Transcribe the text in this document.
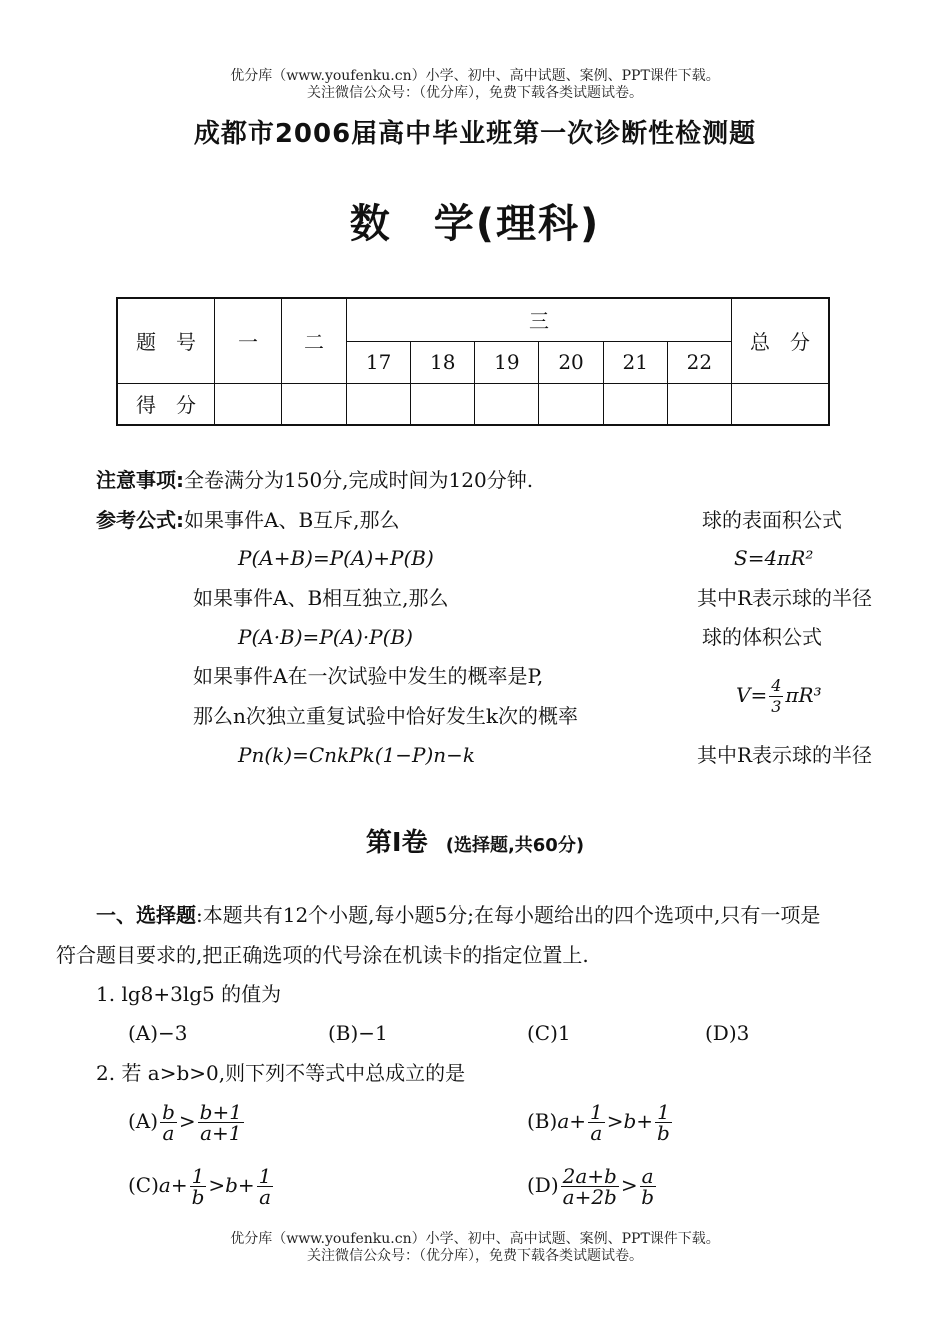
优分库（www.youfenku.cn）小学、初中、高中试题、案例、PPT课件下载。
关注微信公众号：（优分库），免费下载各类试题试卷。
成都市2006届高中毕业班第一次诊断性检测题
数　学(理科)
题　号	一	二	三						总　分
			17	18	19	20	21	22	
得　分									
注意事项:全卷满分为150分,完成时间为120分钟.
参考公式:如果事件A、B互斥,那么
P(A+B)=P(A)+P(B)
如果事件A、B相互独立,那么
P(A·B)=P(A)·P(B)
如果事件A在一次试验中发生的概率是P,
那么n次独立重复试验中恰好发生k次的概率
Pn(k)=CnkPk(1−P)n−k
球的表面积公式
S=4πR²
其中R表示球的半径
球的体积公式
$V= \frac{4}{3} \pi R^3$
其中R表示球的半径
第Ⅰ卷 (选择题,共60分)
一、选择题:本题共有12个小题,每小题5分;在每小题给出的四个选项中,只有一项是
符合题目要求的,把正确选项的代号涂在机读卡的指定位置上.
1. lg8+3lg5 的值为
(A)−3	(B)−1	(C)1	(D)3
2. 若 a>b>0,则下列不等式中总成立的是
$(A) \frac{b}{a} > \frac{b+1}{a+1}$	$(B)a+ \frac{1}{a} >b+ \frac{1}{b}$
$(C)a+ \frac{1}{b} >b+ \frac{1}{a}$	$(D) \frac{2a+b}{a+2b} > \frac{a}{b}$
优分库（www.youfenku.cn）小学、初中、高中试题、案例、PPT课件下载。
关注微信公众号：（优分库），免费下载各类试题试卷。
